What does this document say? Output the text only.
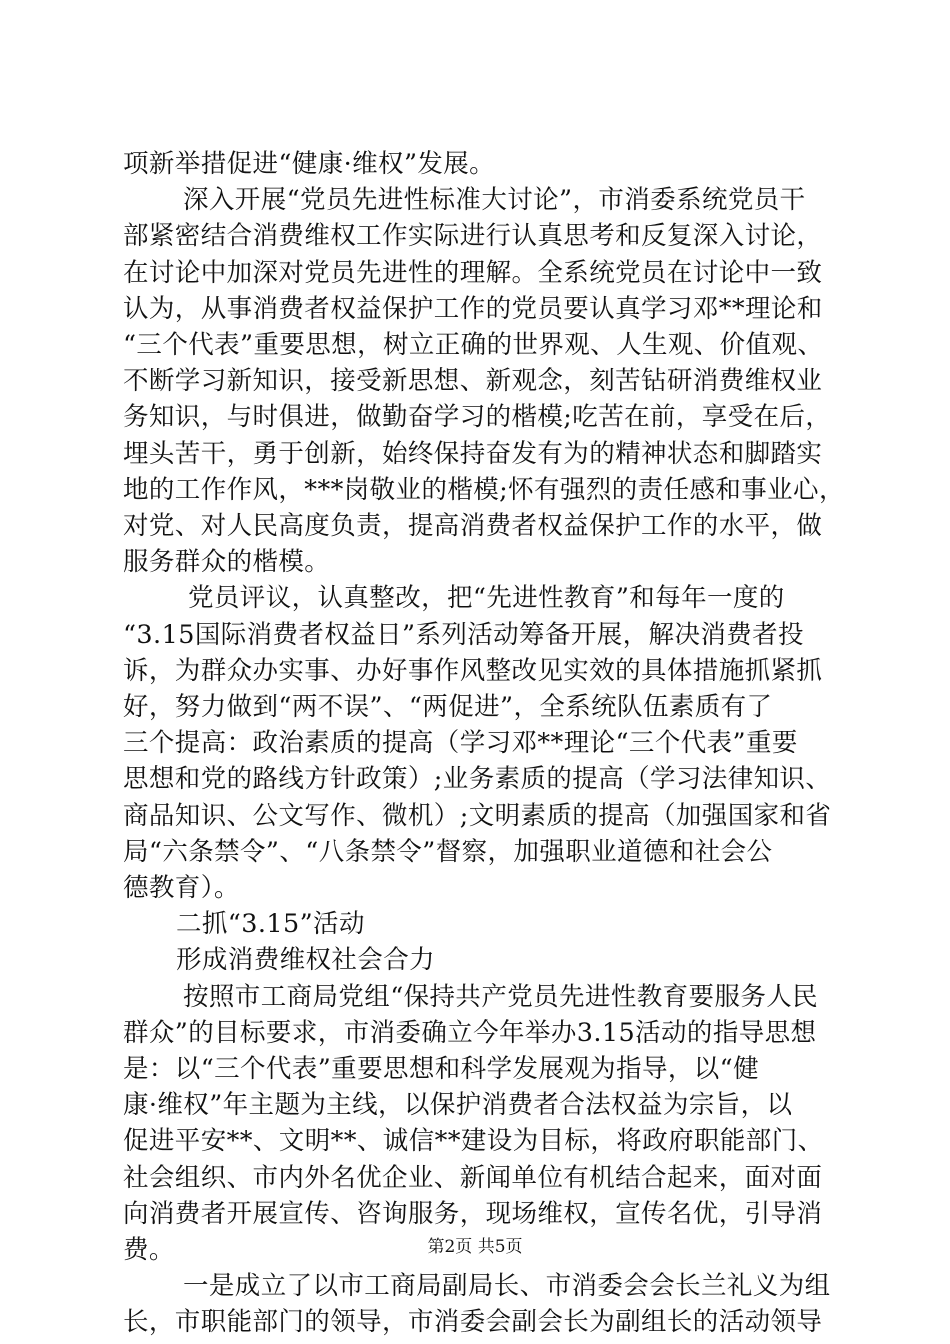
项新举措促进“健康·维权”发展。
深入开展“党员先进性标准大讨论”，市消委系统党员干
部紧密结合消费维权工作实际进行认真思考和反复深入讨论，
在讨论中加深对党员先进性的理解。全系统党员在讨论中一致
认为，从事消费者权益保护工作的党员要认真学习邓**理论和
“三个代表”重要思想，树立正确的世界观、人生观、价值观、
不断学习新知识，接受新思想、新观念，刻苦钻研消费维权业
务知识，与时俱进，做勤奋学习的楷模;吃苦在前，享受在后，
埋头苦干，勇于创新，始终保持奋发有为的精神状态和脚踏实
地的工作作风，***岗敬业的楷模;怀有强烈的责任感和事业心，
对党、对人民高度负责，提高消费者权益保护工作的水平，做
服务群众的楷模。
党员评议，认真整改，把“先进性教育”和每年一度的
“3.15国际消费者权益日”系列活动筹备开展，解决消费者投
诉，为群众办实事、办好事作风整改见实效的具体措施抓紧抓
好，努力做到“两不误”、“两促进”，全系统队伍素质有了
三个提高：政治素质的提高（学习邓**理论“三个代表”重要
思想和党的路线方针政策）;业务素质的提高（学习法律知识、
商品知识、公文写作、微机）;文明素质的提高（加强国家和省
局“六条禁令”、“八条禁令”督察，加强职业道德和社会公
德教育）。
二抓“3.15”活动
形成消费维权社会合力
按照市工商局党组“保持共产党员先进性教育要服务人民
群众”的目标要求，市消委确立今年举办3.15活动的指导思想
是：以“三个代表”重要思想和科学发展观为指导，以“健
康·维权”年主题为主线，以保护消费者合法权益为宗旨，以
促进平安**、文明**、诚信**建设为目标，将政府职能部门、
社会组织、市内外名优企业、新闻单位有机结合起来，面对面
向消费者开展宣传、咨询服务，现场维权，宣传名优，引导消
费。
一是成立了以市工商局副局长、市消委会会长兰礼义为组
长，市职能部门的领导，市消委会副会长为副组长的活动领导
第2页 共5页
